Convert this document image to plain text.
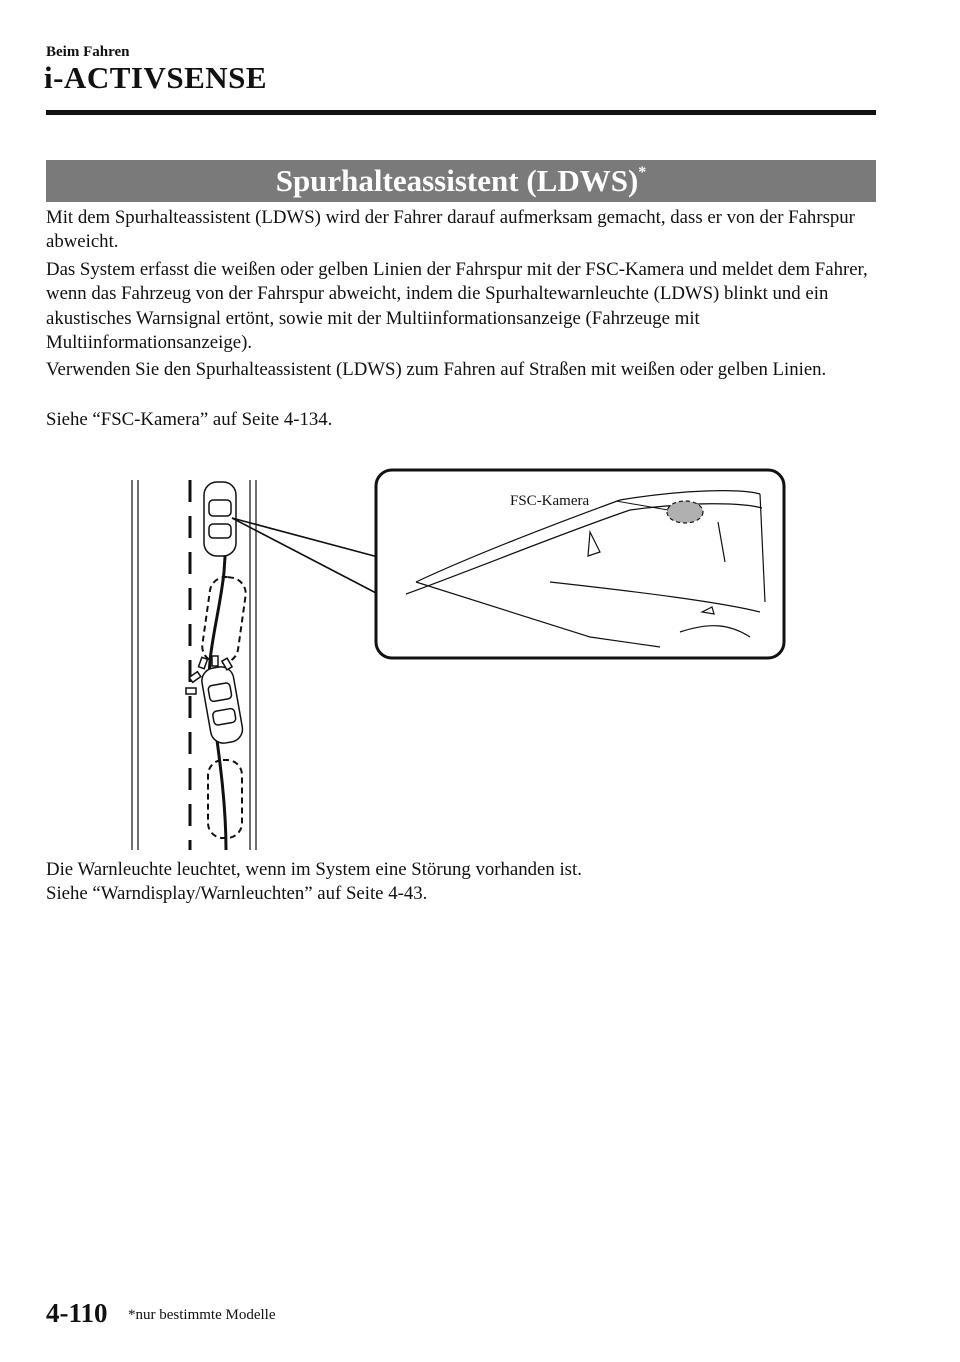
Beim Fahren
i-ACTIVSENSE
Spurhalteassistent (LDWS)*
Mit dem Spurhalteassistent (LDWS) wird der Fahrer darauf aufmerksam gemacht, dass er von der Fahrspur abweicht.
Das System erfasst die weißen oder gelben Linien der Fahrspur mit der FSC-Kamera und meldet dem Fahrer, wenn das Fahrzeug von der Fahrspur abweicht, indem die Spurhaltewarnleuchte (LDWS) blinkt und ein akustisches Warnsignal ertönt, sowie mit der Multiinformationsanzeige (Fahrzeuge mit Multiinformationsanzeige).
Verwenden Sie den Spurhalteassistent (LDWS) zum Fahren auf Straßen mit weißen oder gelben Linien.
Siehe “FSC-Kamera” auf Seite 4-134.
FSC-Kamera
Die Warnleuchte leuchtet, wenn im System eine Störung vorhanden ist.
Siehe “Warndisplay/Warnleuchten” auf Seite 4-43.
4-110 *nur bestimmte Modelle
